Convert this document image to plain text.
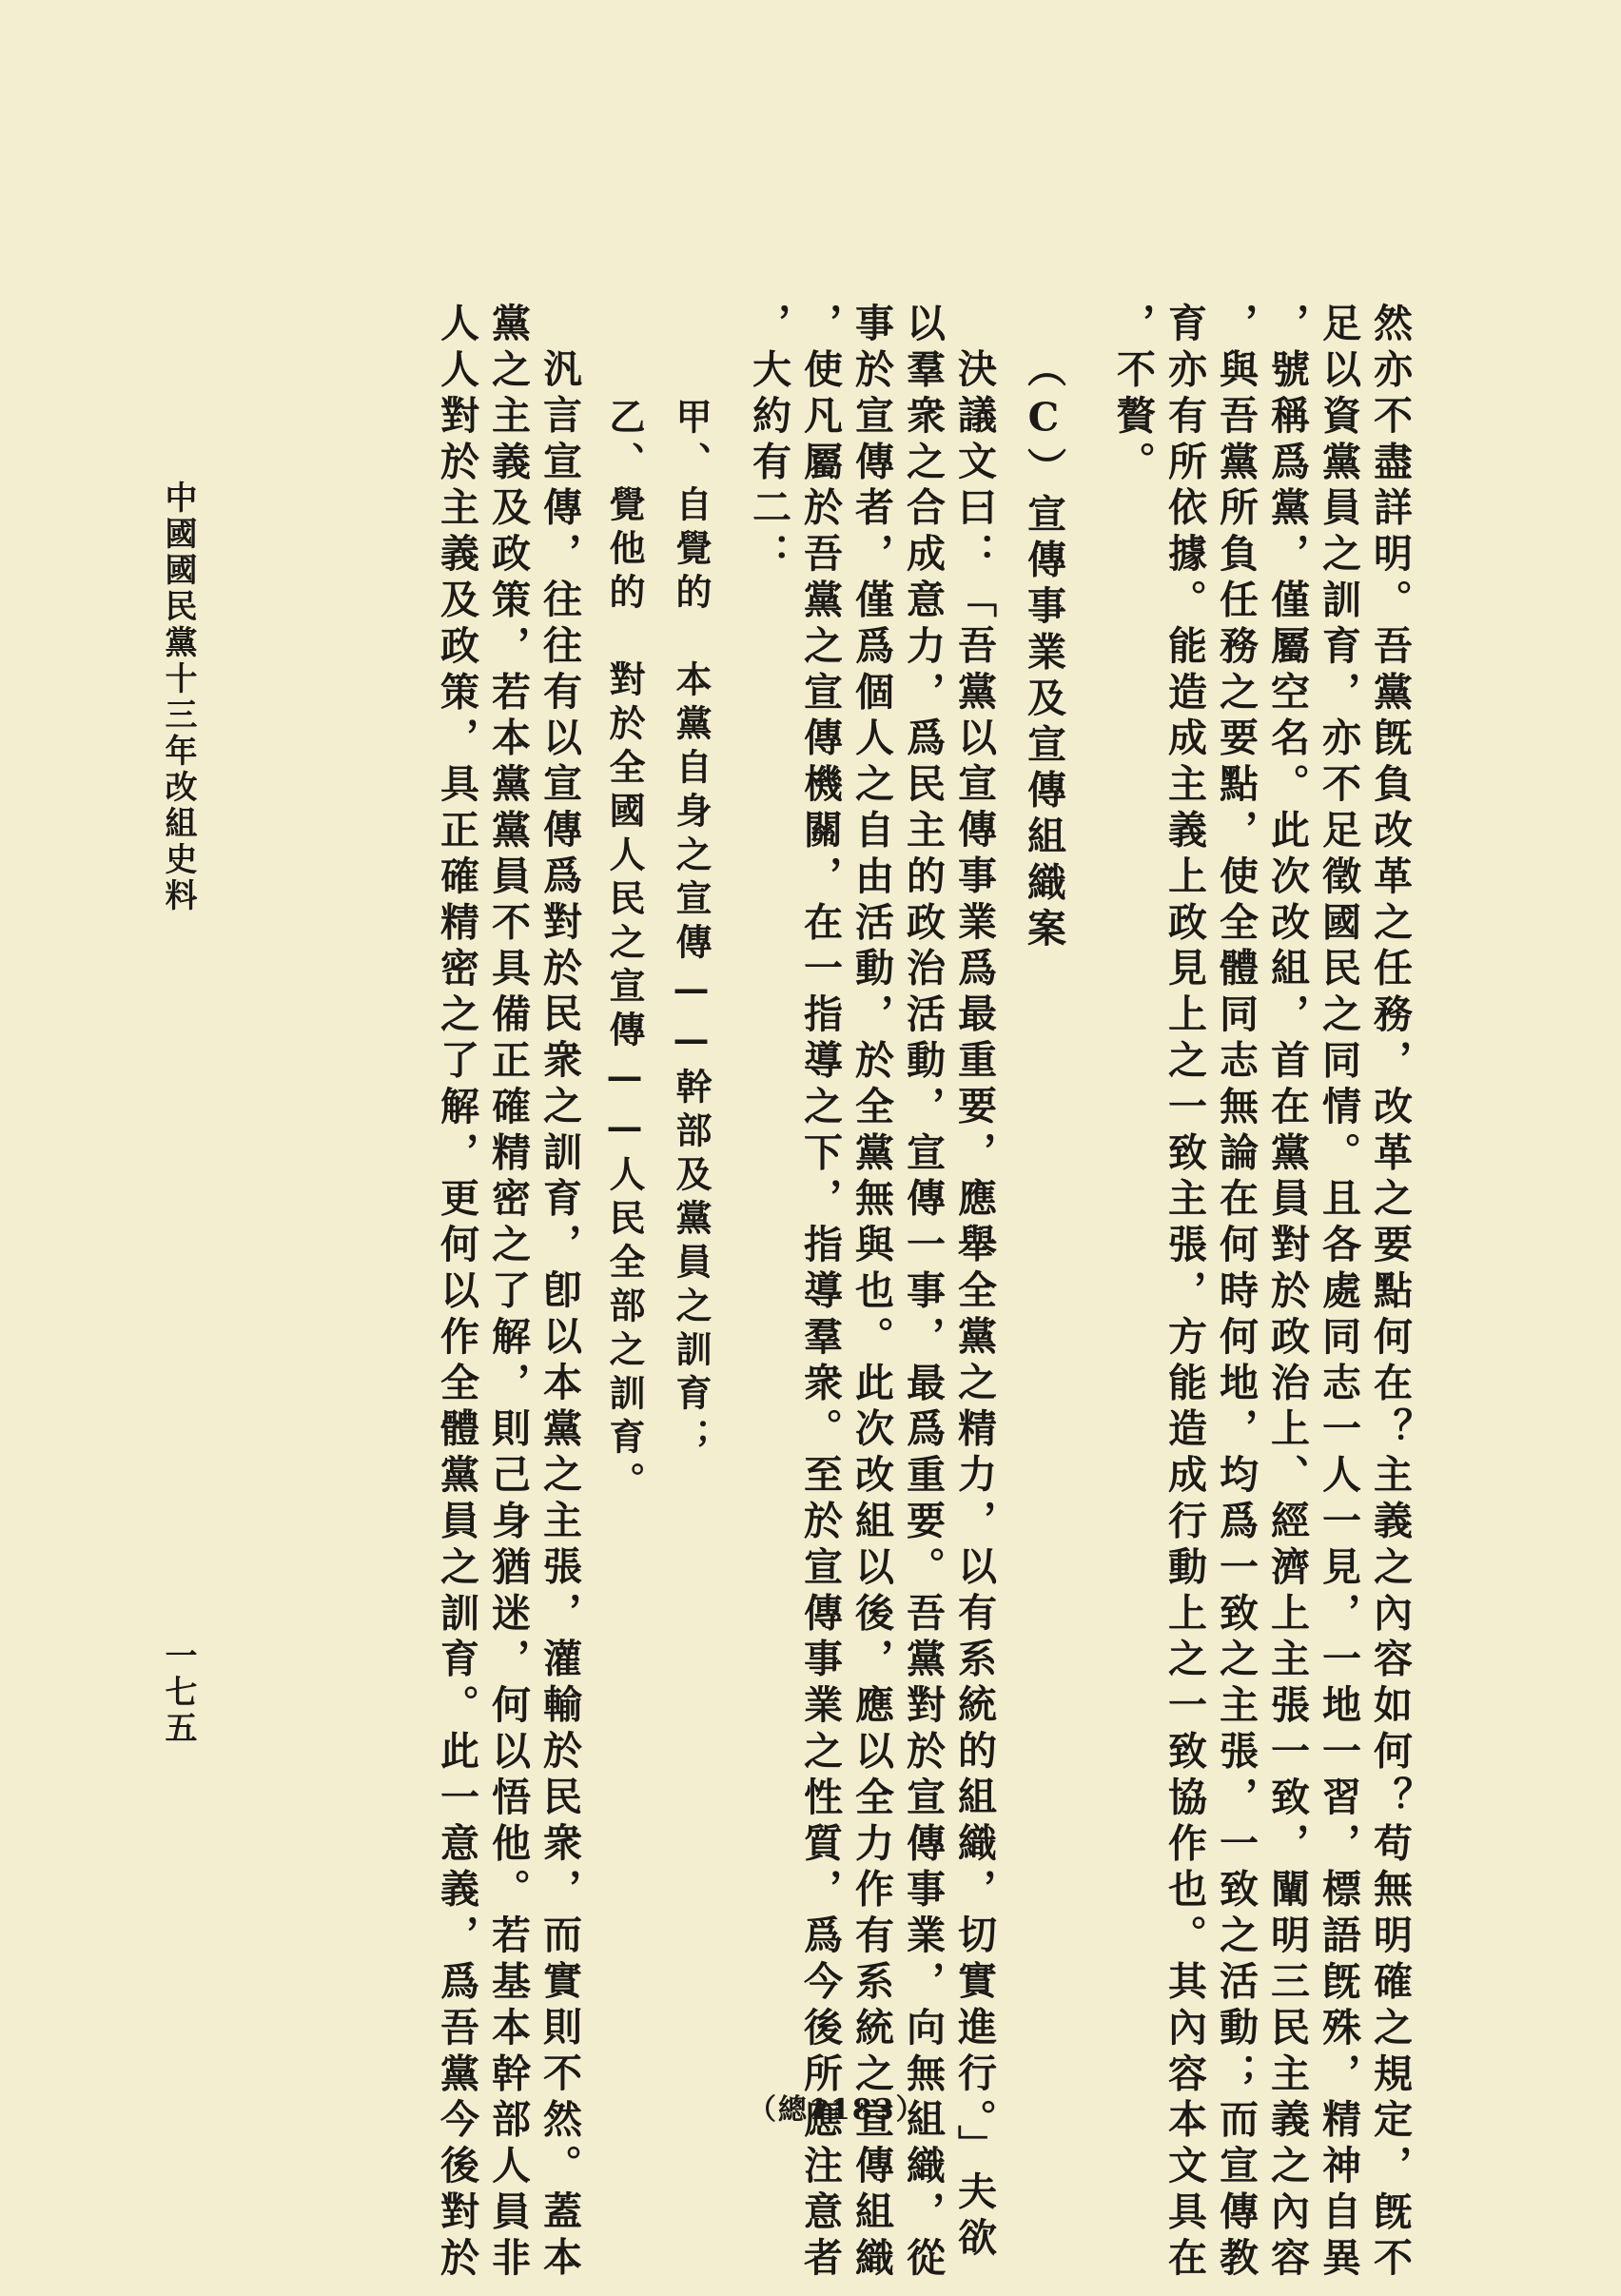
然亦不盡詳明。吾黨旣負改革之任務，改革之要點何在？主義之內容如何？苟無明確之規定，旣不
足以資黨員之訓育，亦不足徵國民之同情。且各處同志一人一見，一地一習，標語旣殊，精神自異
，號稱爲黨，僅屬空名。此次改組，首在黨員對於政治上、經濟上主張一致，闡明三民主義之內容
，與吾黨所負任務之要點，使全體同志無論在何時何地，均爲一致之主張，一致之活動；而宣傳教
育亦有所依據。能造成主義上政見上之一致主張，方能造成行動上之一致協作也。其內容本文具在
，不贅。
（C）宣傳事業及宣傳組織案
決議文曰：「吾黨以宣傳事業爲最重要，應舉全黨之精力，以有系統的組織，切實進行。」夫欲
以羣衆之合成意力，爲民主的政治活動，宣傳一事，最爲重要。吾黨對於宣傳事業，向無組織，從
事於宣傳者，僅爲個人之自由活動，於全黨無與也。此次改組以後，應以全力作有系統之宣傳組織
，使凡屬於吾黨之宣傳機關，在一指導之下，指導羣衆。至於宣傳事業之性質，爲今後所應注意者
，大約有二：
甲、自覺的　本黨自身之宣傳——幹部及黨員之訓育；
乙、覺他的　對於全國人民之宣傳——人民全部之訓育。
汎言宣傳，往往有以宣傳爲對於民衆之訓育，卽以本黨之主張，灌輸於民衆，而實則不然。蓋本
黨之主義及政策，若本黨黨員不具備正確精密之了解，則己身猶迷，何以悟他。若基本幹部人員非
人人對於主義及政策，具正確精密之了解，更何以作全體黨員之訓育。此一意義，爲吾黨今後對於
中國國民黨十三年改組史料
一七五
（總1183）
